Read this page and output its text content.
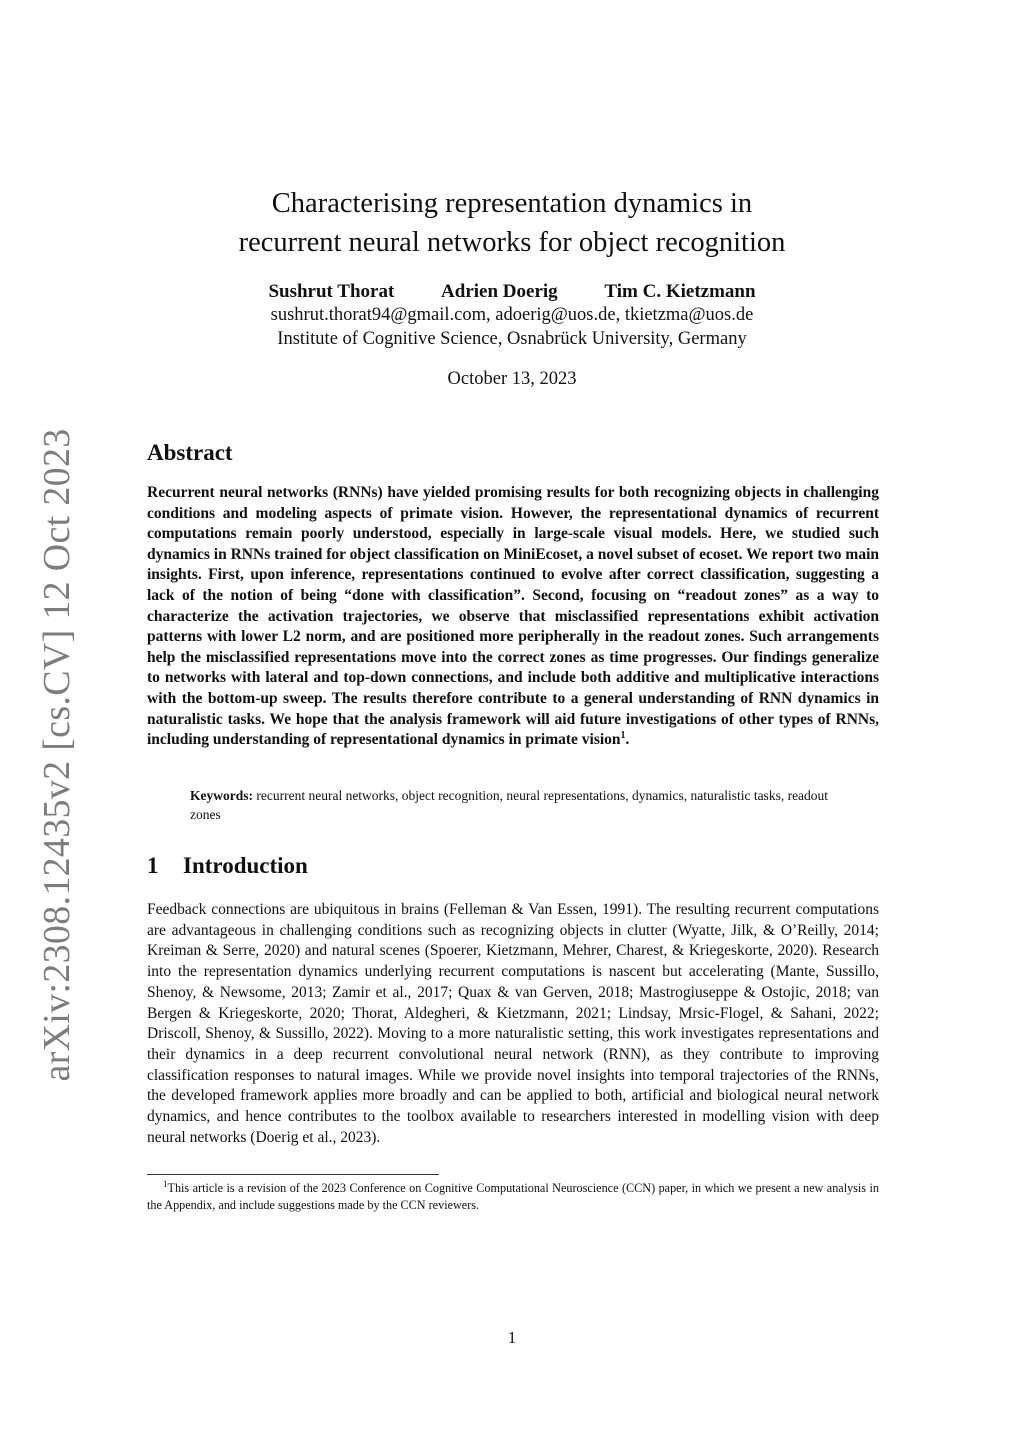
arXiv:2308.12435v2 [cs.CV] 12 Oct 2023
Characterising representation dynamics in
recurrent neural networks for object recognition
Sushrut Thorat Adrien Doerig Tim C. Kietzmann
sushrut.thorat94@gmail.com, adoerig@uos.de, tkietzma@uos.de
Institute of Cognitive Science, Osnabrück University, Germany
October 13, 2023
Abstract

Recurrent neural networks (RNNs) have yielded promising results for both recognizing objects in challenging conditions and modeling aspects of primate vision. However, the representational dynamics of recurrent computations remain poorly understood, especially in large-scale visual models. Here, we studied such dynamics in RNNs trained for object classification on MiniEcoset, a novel subset of ecoset. We report two main insights. First, upon inference, representations continued to evolve after correct classification, suggesting a lack of the notion of being “done with classification”. Second, focusing on “readout zones” as a way to characterize the activation trajectories, we observe that misclassified representations exhibit activation patterns with lower L2 norm, and are positioned more peripherally in the readout zones. Such arrangements help the misclassified representations move into the correct zones as time progresses. Our findings generalize to networks with lateral and top-down connections, and include both additive and multiplicative interactions with the bottom-up sweep. The results therefore contribute to a general understanding of RNN dynamics in naturalistic tasks. We hope that the analysis framework will aid future investigations of other types of RNNs, including understanding of representational dynamics in primate vision$^1$.

Keywords: recurrent neural networks, object recognition, neural representations, dynamics, naturalistic tasks, readout zones

1 Introduction

Feedback connections are ubiquitous in brains (Felleman & Van Essen, 1991). The resulting recurrent computations are advantageous in challenging conditions such as recognizing objects in clutter (Wyatte, Jilk, & O’Reilly, 2014; Kreiman & Serre, 2020) and natural scenes (Spoerer, Kietzmann, Mehrer, Charest, & Kriegeskorte, 2020). Research into the representation dynamics underlying recurrent computations is nascent but accelerating (Mante, Sussillo, Shenoy, & Newsome, 2013; Zamir et al., 2017; Quax & van Gerven, 2018; Mastrogiuseppe & Ostojic, 2018; van Bergen & Kriegeskorte, 2020; Thorat, Aldegheri, & Kietzmann, 2021; Lindsay, Mrsic-Flogel, & Sahani, 2022; Driscoll, Shenoy, & Sussillo, 2022). Moving to a more naturalistic setting, this work investigates representations and their dynamics in a deep recurrent convolutional neural network (RNN), as they contribute to improving classification responses to natural images. While we provide novel insights into temporal trajectories of the RNNs, the developed framework applies more broadly and can be applied to both, artificial and biological neural network dynamics, and hence contributes to the toolbox available to researchers interested in modelling vision with deep neural networks (Doerig et al., 2023).

$^1$This article is a revision of the 2023 Conference on Cognitive Computational Neuroscience (CCN) paper, in which we present a new analysis in the Appendix, and include suggestions made by the CCN reviewers.

1
